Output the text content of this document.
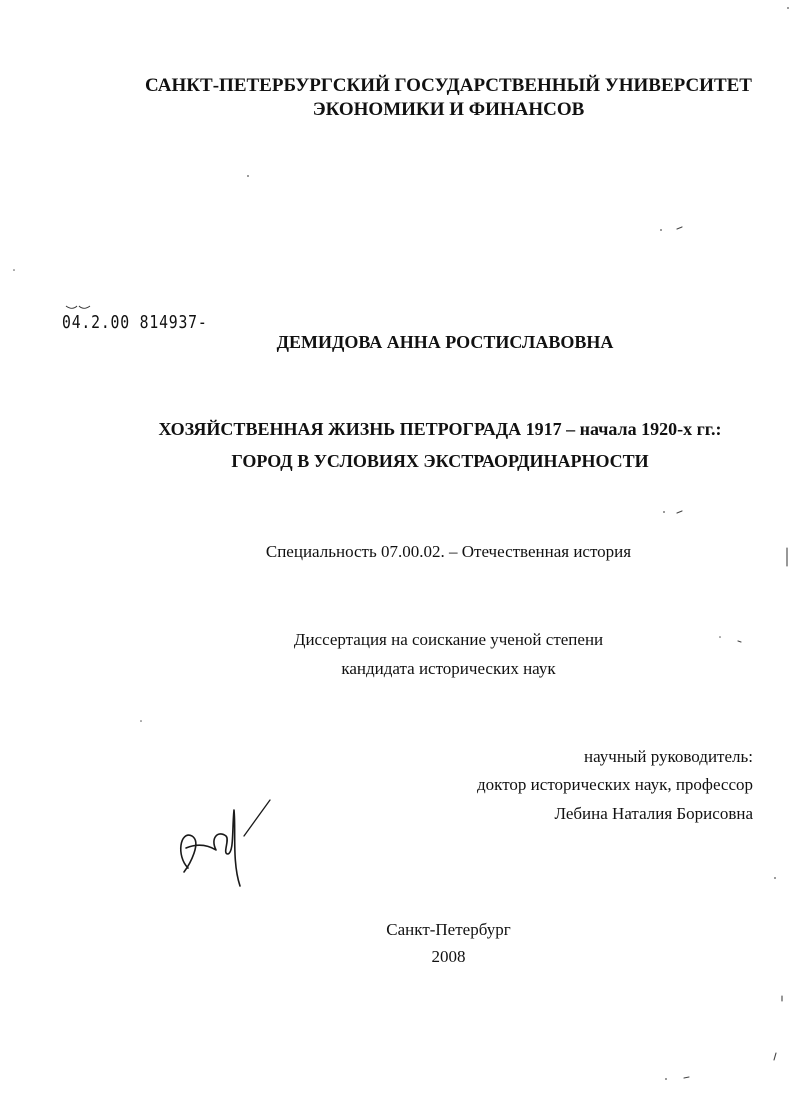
САНКТ-ПЕТЕРБУРГСКИЙ ГОСУДАРСТВЕННЫЙ УНИВЕРСИТЕТ
ЭКОНОМИКИ И ФИНАНСОВ
04.2.00 814937-
ДЕМИДОВА АННА РОСТИСЛАВОВНА
ХОЗЯЙСТВЕННАЯ ЖИЗНЬ ПЕТРОГРАДА 1917 – начала 1920-х гг.:
ГОРОД В УСЛОВИЯХ ЭКСТРАОРДИНАРНОСТИ
Специальность 07.00.02. – Отечественная история
Диссертация на соискание ученой степени
кандидата исторических наук
научный руководитель:
доктор исторических наук, профессор
Лебина Наталия Борисовна
Санкт-Петербург
2008
